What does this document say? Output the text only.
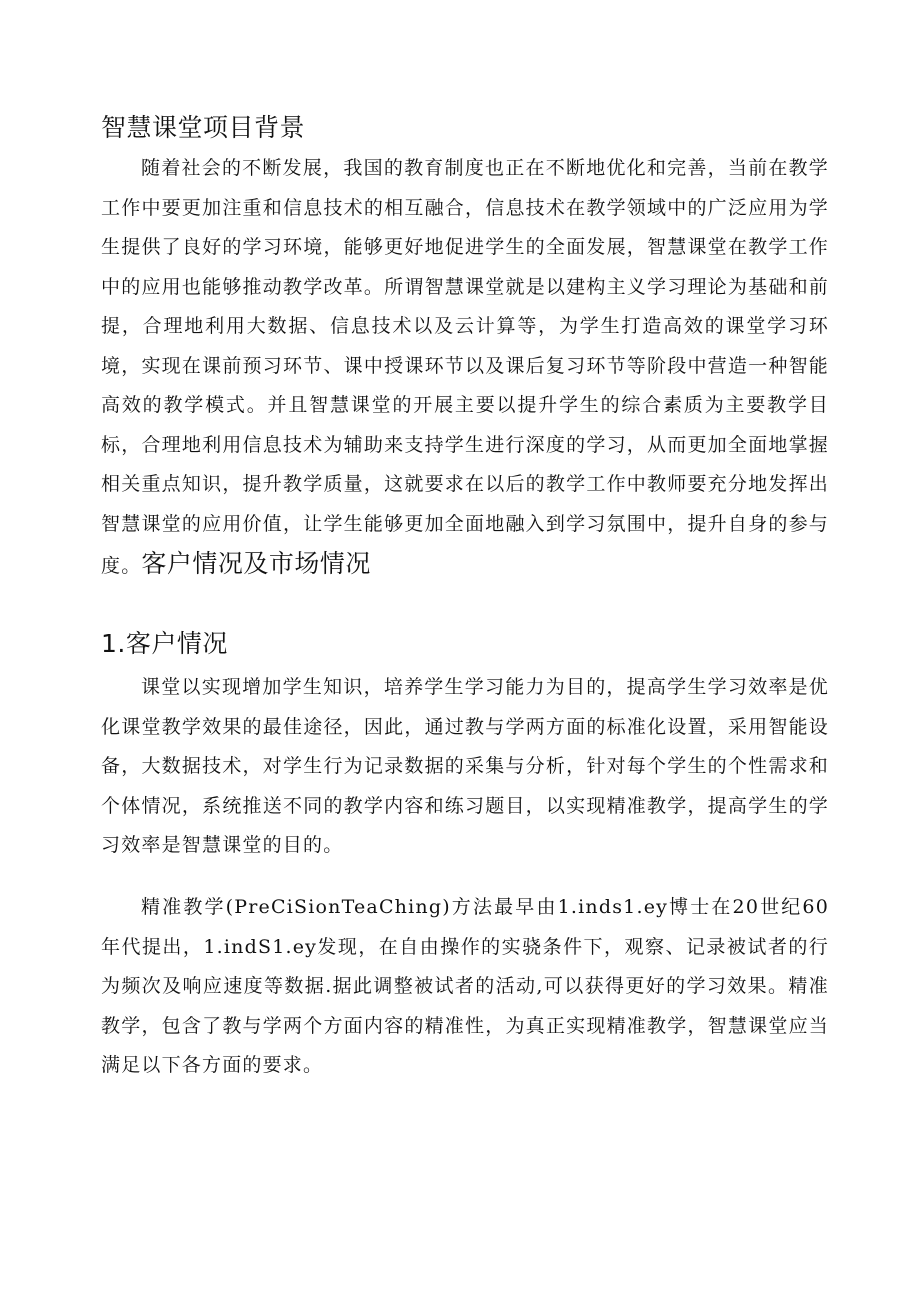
智慧课堂项目背景

随着社会的不断发展，我国的教育制度也正在不断地优化和完善，当前在教学工作中要更加注重和信息技术的相互融合，信息技术在教学领域中的广泛应用为学生提供了良好的学习环境，能够更好地促进学生的全面发展，智慧课堂在教学工作中的应用也能够推动教学改革。所谓智慧课堂就是以建构主义学习理论为基础和前提，合理地利用大数据、信息技术以及云计算等，为学生打造高效的课堂学习环境，实现在课前预习环节、课中授课环节以及课后复习环节等阶段中营造一种智能高效的教学模式。并且智慧课堂的开展主要以提升学生的综合素质为主要教学目标，合理地利用信息技术为辅助来支持学生进行深度的学习，从而更加全面地掌握相关重点知识，提升教学质量，这就要求在以后的教学工作中教师要充分地发挥出智慧课堂的应用价值，让学生能够更加全面地融入到学习氛围中，提升自身的参与度。客户情况及市场情况

1.客户情况

课堂以实现增加学生知识，培养学生学习能力为目的，提高学生学习效率是优化课堂教学效果的最佳途径，因此，通过教与学两方面的标准化设置，采用智能设备，大数据技术，对学生行为记录数据的采集与分析，针对每个学生的个性需求和个体情况，系统推送不同的教学内容和练习题目，以实现精准教学，提高学生的学习效率是智慧课堂的目的。

精准教学(PreCiSionTeaChing)方法最早由1.inds1.ey博士在20世纪60年代提出，1.indS1.ey发现，在自由操作的实骁条件下，观察、记录被试者的行为频次及响应速度等数据.据此调整被试者的活动,可以获得更好的学习效果。精准教学，包含了教与学两个方面内容的精准性，为真正实现精准教学，智慧课堂应当满足以下各方面的要求。
